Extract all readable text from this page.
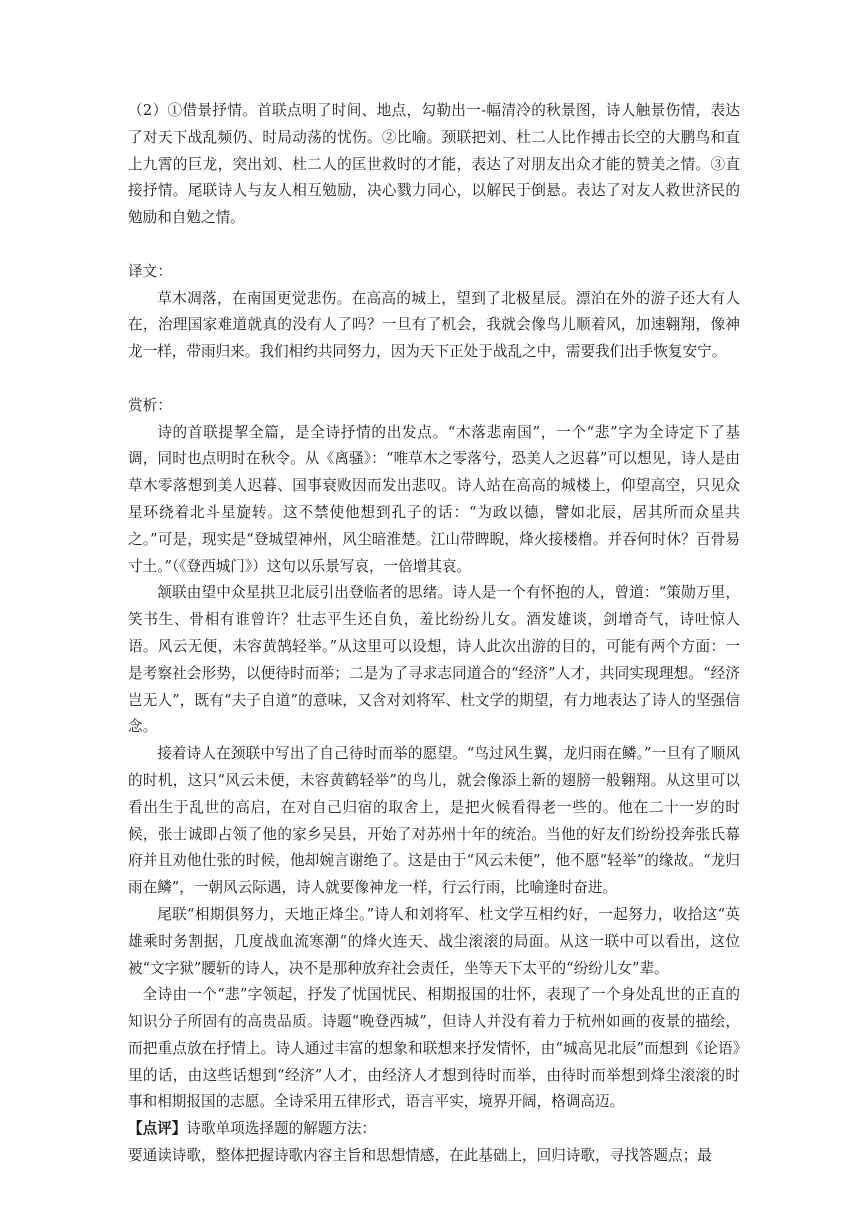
（2）①借景抒情。首联点明了时间、地点，勾勒出一-幅清冷的秋景图，诗人触景伤情，表达了对天下战乱频仍、时局动荡的忧伤。②比喻。颈联把刘、杜二人比作搏击长空的大鹏鸟和直上九霄的巨龙，突出刘、杜二人的匡世救时的才能，表达了对朋友出众才能的赞美之情。③直接抒情。尾联诗人与友人相互勉励，决心戮力同心，以解民于倒悬。表达了对友人救世济民的勉励和自勉之情。

译文：

草木凋落，在南国更觉悲伤。在高高的城上，望到了北极星辰。漂泊在外的游子还大有人在，治理国家难道就真的没有人了吗？一旦有了机会，我就会像鸟儿顺着风，加速翱翔，像神龙一样，带雨归来。我们相约共同努力，因为天下正处于战乱之中，需要我们出手恢复安宁。

赏析：

诗的首联提挈全篇，是全诗抒情的出发点。“木落悲南国”，一个“悲”字为全诗定下了基调，同时也点明时在秋令。从《离骚》：“唯草木之零落兮，恐美人之迟暮”可以想见，诗人是由草木零落想到美人迟暮、国事衰败因而发出悲叹。诗人站在高高的城楼上，仰望高空，只见众星环绕着北斗星旋转。这不禁使他想到孔子的话：“为政以德，譬如北辰，居其所而众星共之。”可是，现实是“登城望神州，风尘暗淮楚。江山带睥睨，烽火接楼橹。并吞何时休？百骨易寸土。”（《登西城门》）这句以乐景写哀，一倍增其哀。

颔联由望中众星拱卫北辰引出登临者的思绪。诗人是一个有怀抱的人，曾道：“策勋万里，笑书生、骨相有谁曾许？壮志平生还自负，羞比纷纷儿女。酒发雄谈，剑增奇气，诗吐惊人语。风云无便，未容黄鹄轻举。”从这里可以设想，诗人此次出游的目的，可能有两个方面：一是考察社会形势，以便待时而举；二是为了寻求志同道合的“经济”人才，共同实现理想。“经济岂无人”，既有“夫子自道”的意味，又含对刘将军、杜文学的期望，有力地表达了诗人的坚强信念。

接着诗人在颈联中写出了自己待时而举的愿望。“鸟过风生翼，龙归雨在鳞。”一旦有了顺风的时机，这只“风云未便，未容黄鹤轻举”的鸟儿，就会像添上新的翅膀一般翱翔。从这里可以看出生于乱世的高启，在对自己归宿的取舍上，是把火候看得老一些的。他在二十一岁的时候，张士诚即占领了他的家乡吴县，开始了对苏州十年的统治。当他的好友们纷纷投奔张氏幕府并且劝他仕张的时候，他却婉言谢绝了。这是由于“风云未便”，他不愿“轻举”的缘故。“龙归雨在鳞”，一朝风云际遇，诗人就要像神龙一样，行云行雨，比喻逢时奋进。

尾联“相期俱努力，天地正烽尘。”诗人和刘将军、杜文学互相约好，一起努力，收拾这“英雄乘时务割据，几度战血流寒潮”的烽火连天、战尘滚滚的局面。从这一联中可以看出，这位被“文字狱”腰斩的诗人，决不是那种放弃社会责任，坐等天下太平的“纷纷儿女”辈。

全诗由一个“悲”字领起，抒发了忧国忧民、相期报国的壮怀，表现了一个身处乱世的正直的知识分子所固有的高贵品质。诗题“晚登西城”，但诗人并没有着力于杭州如画的夜景的描绘，而把重点放在抒情上。诗人通过丰富的想象和联想来抒发情怀，由“城高见北辰”而想到《论语》里的话，由这些话想到“经济”人才，由经济人才想到待时而举，由待时而举想到烽尘滚滚的时事和相期报国的志愿。全诗采用五律形式，语言平实，境界开阔，格调高迈。

【点评】诗歌单项选择题的解题方法：

要通读诗歌，整体把握诗歌内容主旨和思想情感，在此基础上，回归诗歌，寻找答题点；最
